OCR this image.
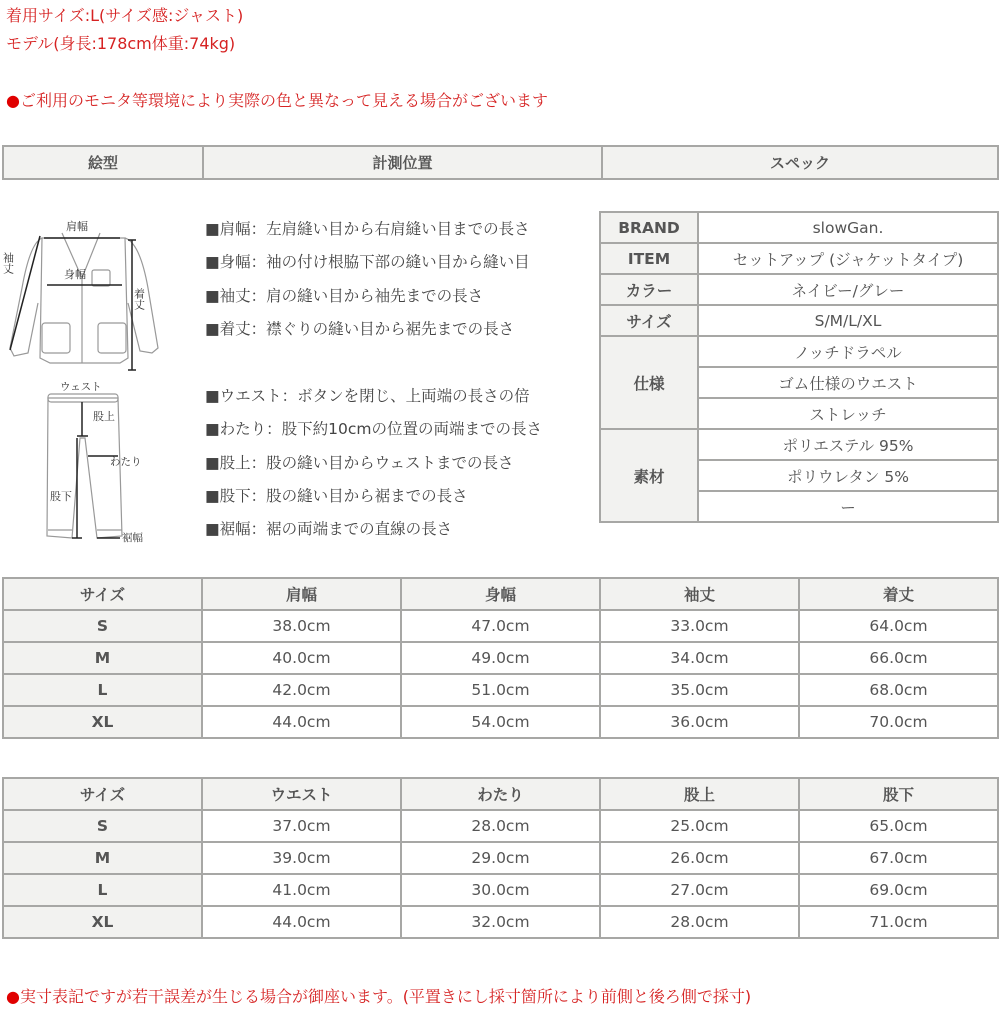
着用サイズ:L(サイズ感:ジャスト)
モデル(身長:178cm体重:74kg)
●ご利用のモニタ等環境により実際の色と異なって見える場合がございます
絵型	計測位置	スペック
肩幅
身幅
袖丈
着丈
ウェスト
股上
わたり
股下
裾幅
■肩幅：左肩縫い目から右肩縫い目までの長さ
■身幅：袖の付け根脇下部の縫い目から縫い目
■袖丈：肩の縫い目から袖先までの長さ
■着丈：襟ぐりの縫い目から裾先までの長さ
■ウエスト：ボタンを閉じ、上両端の長さの倍
■わたり：股下約10cmの位置の両端までの長さ
■股上：股の縫い目からウェストまでの長さ
■股下：股の縫い目から裾までの長さ
■裾幅：裾の両端までの直線の長さ
BRAND	slowGan.
ITEM	セットアップ (ジャケットタイプ)
カラー	ネイビー/グレー
サイズ	S/M/L/XL
仕様	ノッチドラペル
	ゴム仕様のウエスト
	ストレッチ
素材	ポリエステル 95%
	ポリウレタン 5%
	ー
サイズ	肩幅	身幅	袖丈	着丈
S	38.0cm	47.0cm	33.0cm	64.0cm
M	40.0cm	49.0cm	34.0cm	66.0cm
L	42.0cm	51.0cm	35.0cm	68.0cm
XL	44.0cm	54.0cm	36.0cm	70.0cm
サイズ	ウエスト	わたり	股上	股下
S	37.0cm	28.0cm	25.0cm	65.0cm
M	39.0cm	29.0cm	26.0cm	67.0cm
L	41.0cm	30.0cm	27.0cm	69.0cm
XL	44.0cm	32.0cm	28.0cm	71.0cm
●実寸表記ですが若干誤差が生じる場合が御座います。(平置きにし採寸箇所により前側と後ろ側で採寸)
